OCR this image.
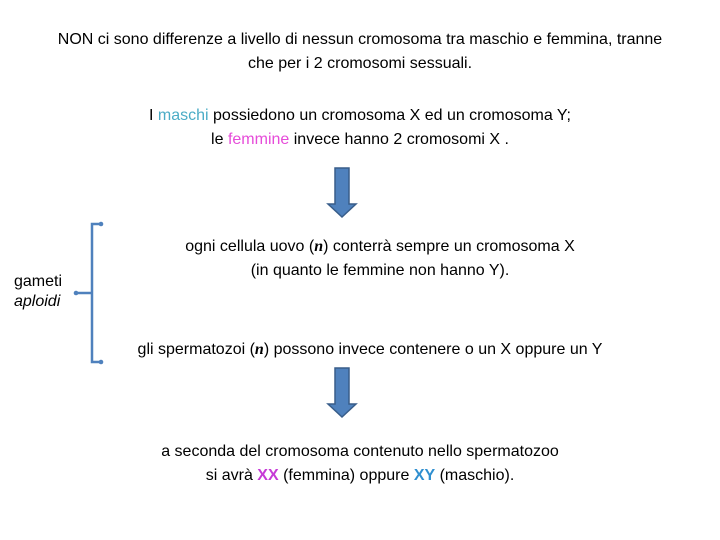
NON ci sono differenze a livello di nessun cromosoma tra maschio e femmina, tranne
che per i 2 cromosomi sessuali.
I maschi possiedono un cromosoma X ed un cromosoma Y;
le femmine invece hanno 2 cromosomi X .
gameti
aploidi
ogni cellula uovo (n) conterrà sempre un cromosoma X
(in quanto le femmine non hanno Y).
gli spermatozoi (n) possono invece contenere o un X oppure un Y
a seconda del cromosoma contenuto nello spermatozoo
si avrà XX (femmina) oppure XY (maschio).
